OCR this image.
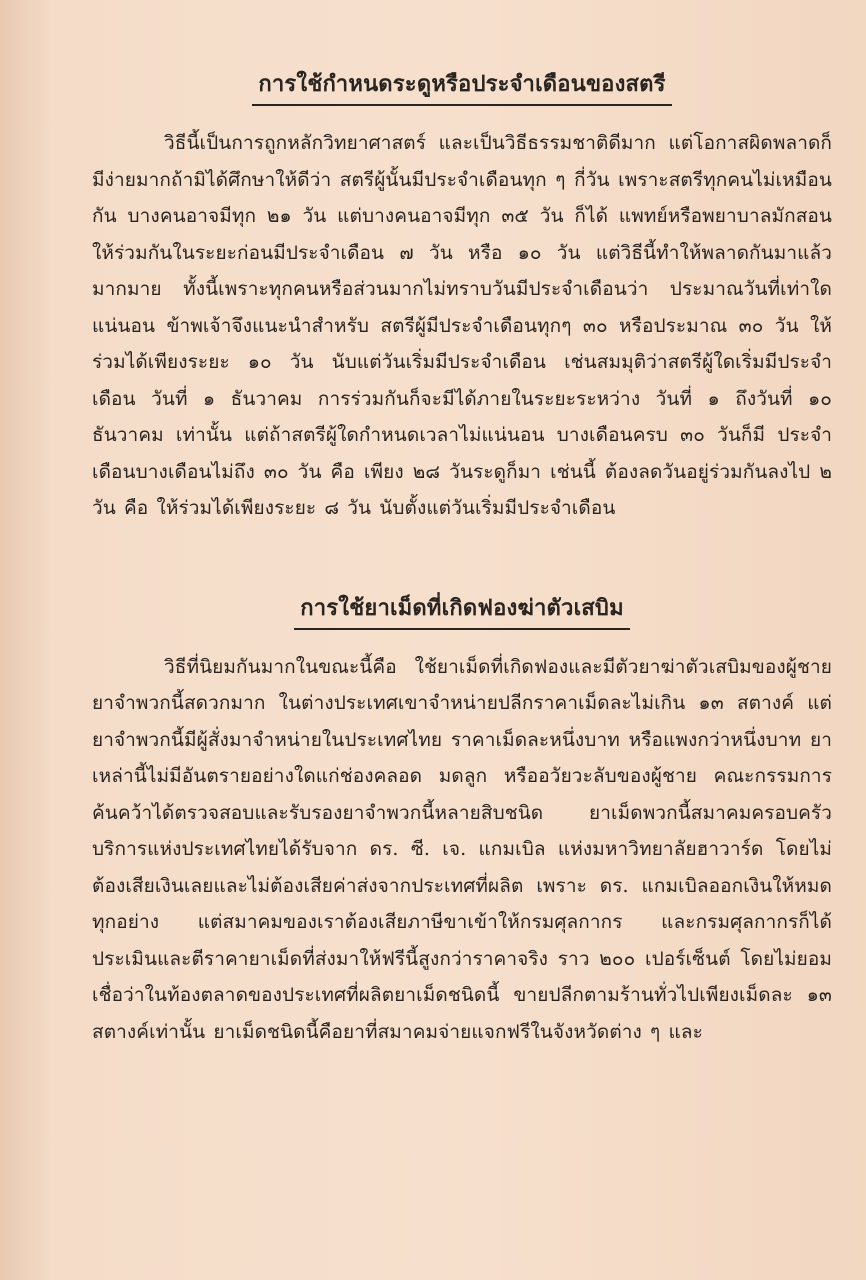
การใช้กำหนดระดูหรือประจำเดือนของสตรี

วิธีนี้เป็นการถูกหลักวิทยาศาสตร์ และเป็นวิธีธรรมชาติดีมาก แต่โอกาสผิดพลาดก็มีง่ายมากถ้ามิได้ศึกษาให้ดีว่า สตรีผู้นั้นมีประจำเดือนทุก ๆ กี่วัน เพราะสตรีทุกคนไม่เหมือนกัน บางคนอาจมีทุก ๒๑ วัน แต่บางคนอาจมีทุก ๓๕ วัน ก็ได้ แพทย์หรือพยาบาลมักสอนให้ร่วมกันในระยะก่อนมีประจำเดือน ๗ วัน หรือ ๑๐ วัน แต่วิธีนี้ทำให้พลาดกันมาแล้วมากมาย ทั้งนี้เพราะทุกคนหรือส่วนมากไม่ทราบวันมีประจำเดือนว่า ประมาณวันที่เท่าใดแน่นอน ข้าพเจ้าจึงแนะนำสำหรับ สตรีผู้มีประจำเดือนทุกๆ ๓๐ หรือประมาณ ๓๐ วัน ให้ร่วมได้เพียงระยะ ๑๐ วัน นับแต่วันเริ่มมีประจำเดือน เช่นสมมุติว่าสตรีผู้ใดเริ่มมีประจำเดือน วันที่ ๑ ธันวาคม การร่วมกันก็จะมีได้ภายในระยะระหว่าง วันที่ ๑ ถึงวันที่ ๑๐ ธันวาคม เท่านั้น แต่ถ้าสตรีผู้ใดกำหนดเวลาไม่แน่นอน บางเดือนครบ ๓๐ วันก็มี ประจำเดือนบางเดือนไม่ถึง ๓๐ วัน คือ เพียง ๒๘ วันระดูก็มา เช่นนี้ ต้องลดวันอยู่ร่วมกันลงไป ๒ วัน คือ ให้ร่วมได้เพียงระยะ ๘ วัน นับตั้งแต่วันเริ่มมีประจำเดือน

การใช้ยาเม็ดที่เกิดฟองฆ่าตัวเสบิม

วิธีที่นิยมกันมากในขณะนี้คือ ใช้ยาเม็ดที่เกิดฟองและมีตัวยาฆ่าตัวเสบิมของผู้ชาย ยาจำพวกนี้สดวกมาก ในต่างประเทศเขาจำหน่ายปลีกราคาเม็ดละไม่เกิน ๑๓ สตางค์ แต่ยาจำพวกนี้มีผู้สั่งมาจำหน่ายในประเทศไทย ราคาเม็ดละหนึ่งบาท หรือแพงกว่าหนึ่งบาท ยาเหล่านี้ไม่มีอันตรายอย่างใดแก่ช่องคลอด มดลูก หรืออวัยวะลับของผู้ชาย คณะกรรมการค้นคว้าได้ตรวจสอบและรับรองยาจำพวกนี้หลายสิบชนิด ยาเม็ดพวกนี้สมาคมครอบครัวบริการแห่งประเทศไทยได้รับจาก ดร. ซี. เจ. แกมเบิล แห่งมหาวิทยาลัยฮาวาร์ด โดยไม่ต้องเสียเงินเลยและไม่ต้องเสียค่าส่งจากประเทศที่ผลิต เพราะ ดร. แกมเบิลออกเงินให้หมดทุกอย่าง แต่สมาคมของเราต้องเสียภาษีขาเข้าให้กรมศุลกากร และกรมศุลกากรก็ได้ประเมินและตีราคายาเม็ดที่ส่งมาให้ฟรีนี้สูงกว่าราคาจริง ราว ๒๐๐ เปอร์เซ็นต์ โดยไม่ยอมเชื่อว่าในท้องตลาดของประเทศที่ผลิตยาเม็ดชนิดนี้ ขายปลีกตามร้านทั่วไปเพียงเม็ดละ ๑๓ สตางค์เท่านั้น ยาเม็ดชนิดนี้คือยาที่สมาคมจ่ายแจกฟรีในจังหวัดต่าง ๆ และ
